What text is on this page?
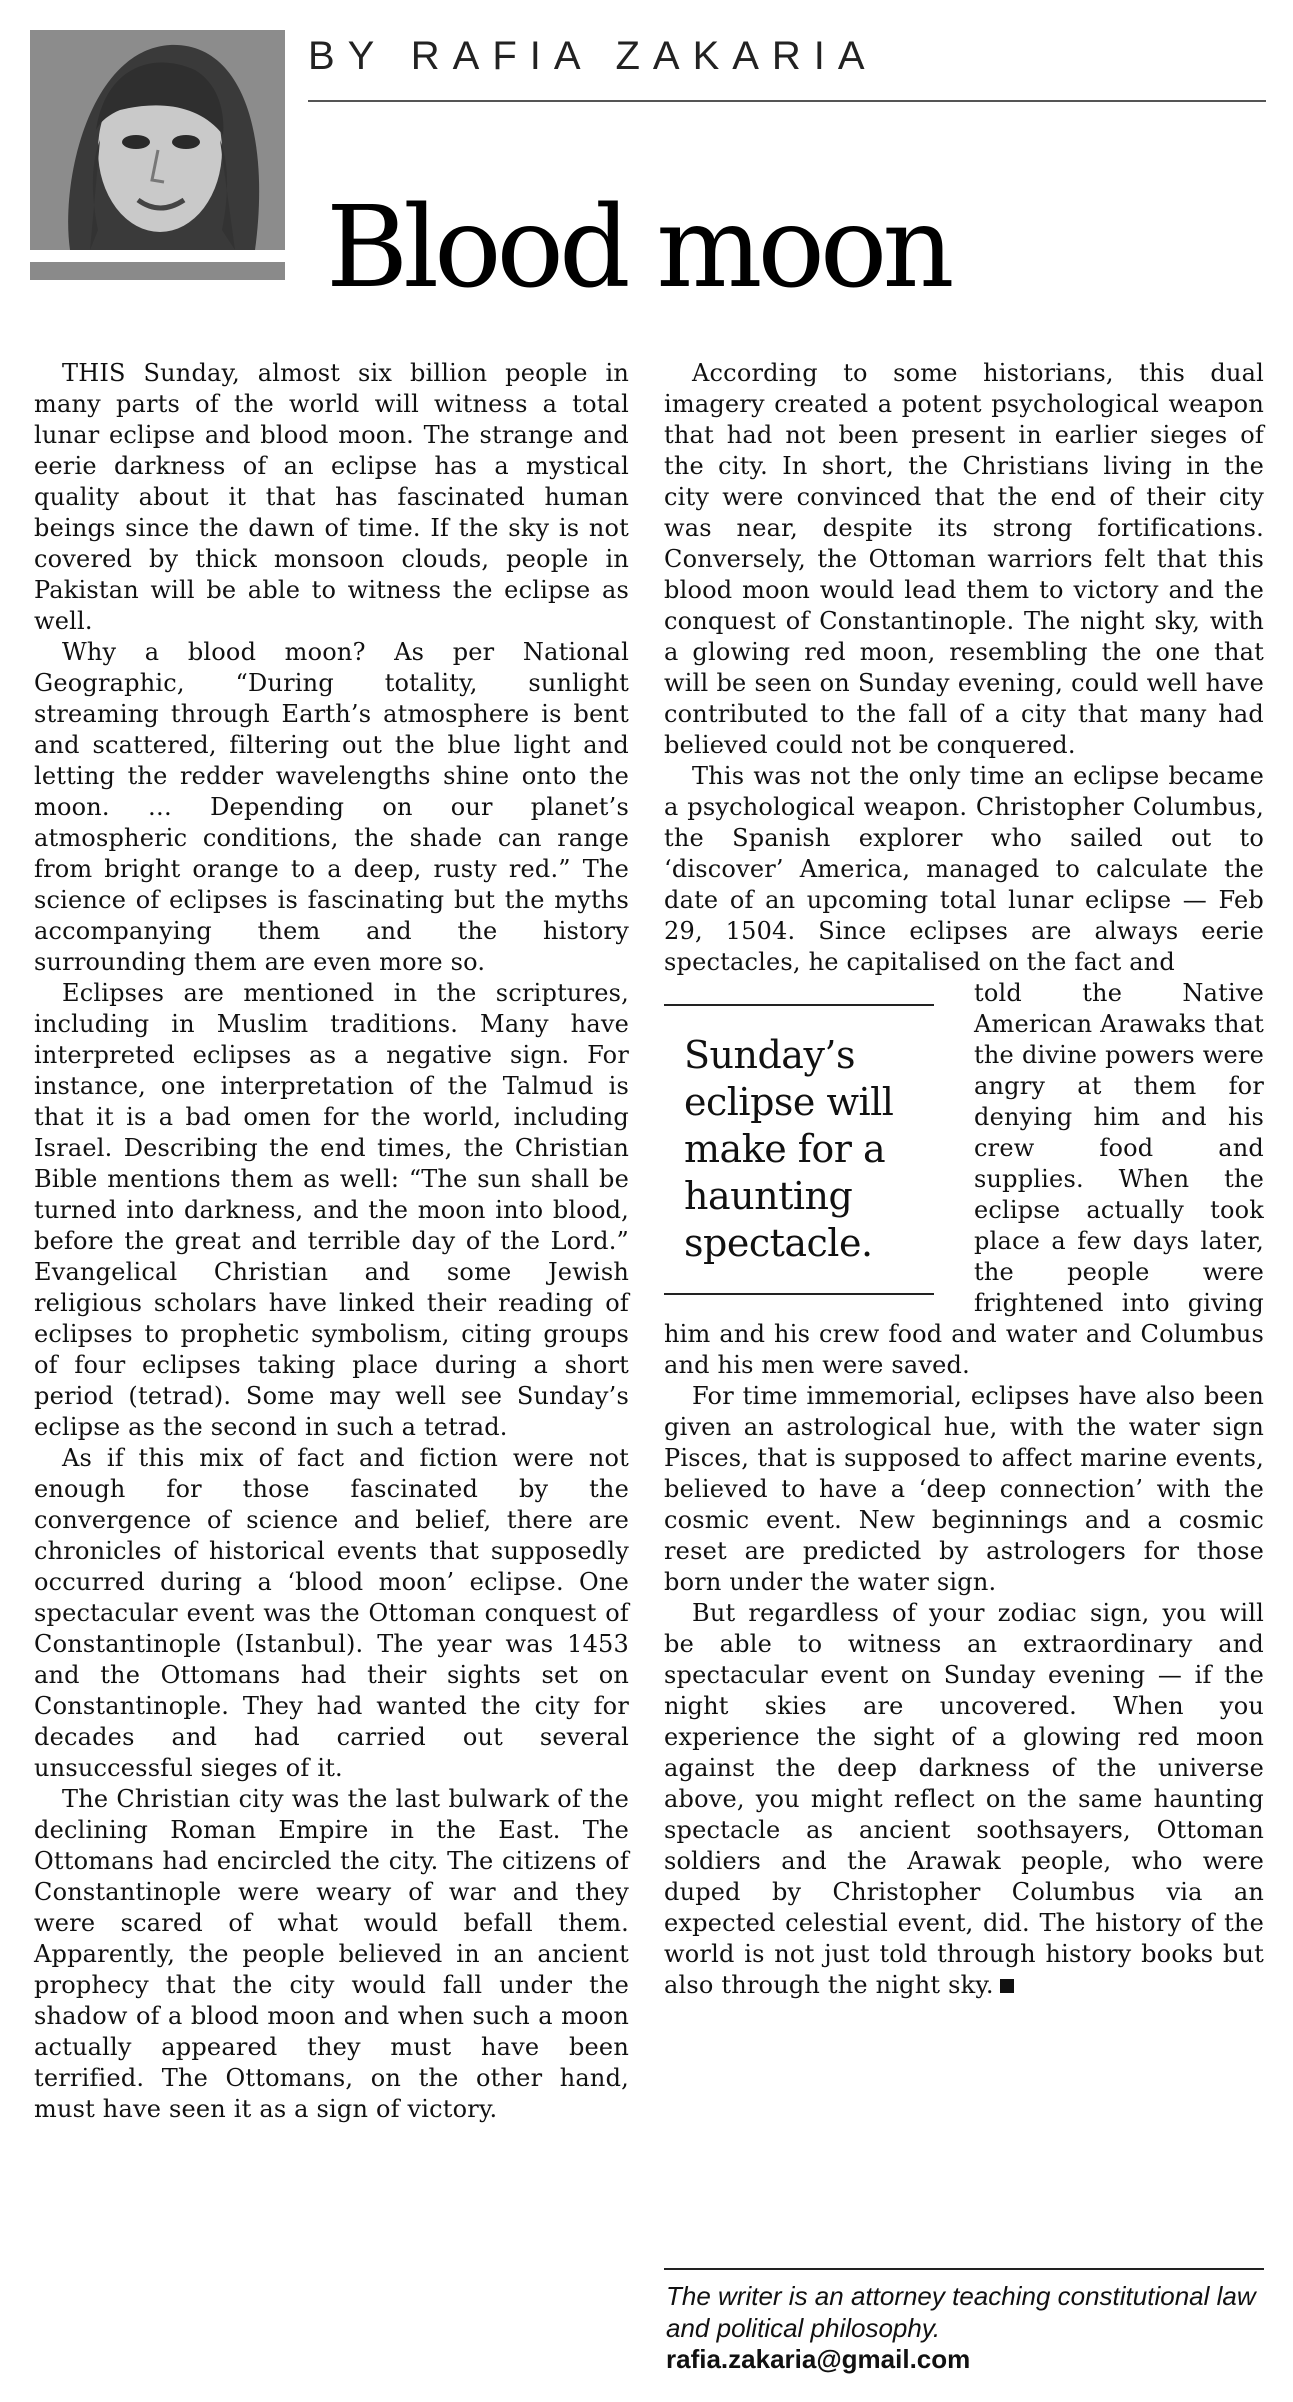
BY RAFIA ZAKARIA
Blood moon

THIS Sunday, almost six billion people in many parts of the world will witness a total lunar eclipse and blood moon. The strange and eerie darkness of an eclipse has a mystical quality about it that has fascinated human beings since the dawn of time. If the sky is not covered by thick monsoon clouds, people in Pakistan will be able to witness the eclipse as well.

Why a blood moon? As per National Geographic, “During totality, sunlight streaming through Earth’s atmosphere is bent and scattered, filtering out the blue light and letting the redder wavelengths shine onto the moon. … Depending on our planet’s atmospheric conditions, the shade can range from bright orange to a deep, rusty red.” The science of eclipses is fascinating but the myths accompanying them and the history surrounding them are even more so.

Eclipses are mentioned in the scriptures, including in Muslim traditions. Many have interpreted eclipses as a negative sign. For instance, one interpretation of the Talmud is that it is a bad omen for the world, including Israel. Describing the end times, the Christian Bible mentions them as well: “The sun shall be turned into darkness, and the moon into blood, before the great and terrible day of the Lord.” Evangelical Christian and some Jewish religious scholars have linked their reading of eclipses to prophetic symbolism, citing groups of four eclipses taking place during a short period (tetrad). Some may well see Sunday’s eclipse as the second in such a tetrad.

As if this mix of fact and fiction were not enough for those fascinated by the convergence of science and belief, there are chronicles of historical events that supposedly occurred during a ‘blood moon’ eclipse. One spectacular event was the Ottoman conquest of Constantinople (Istanbul). The year was 1453 and the Ottomans had their sights set on Constantinople. They had wanted the city for decades and had carried out several unsuccessful sieges of it.

The Christian city was the last bulwark of the declining Roman Empire in the East. The Ottomans had encircled the city. The citizens of Constantinople were weary of war and they were scared of what would befall them. Apparently, the people believed in an ancient prophecy that the city would fall under the shadow of a blood moon and when such a moon actually appeared they must have been terrified. The Ottomans, on the other hand, must have seen it as a sign of victory.

According to some historians, this dual imagery created a potent psychological weapon that had not been present in earlier sieges of the city. In short, the Christians living in the city were convinced that the end of their city was near, despite its strong fortifications. Conversely, the Ottoman warriors felt that this blood moon would lead them to victory and the conquest of Constantinople. The night sky, with a glowing red moon, resembling the one that will be seen on Sunday evening, could well have contributed to the fall of a city that many had believed could not be conquered.

This was not the only time an eclipse became a psychological weapon. Christopher Columbus, the Spanish explorer who sailed out to ‘discover’ America, managed to calculate the date of an upcoming total lunar eclipse — Feb 29, 1504. Since eclipses are always eerie spectacles, he capitalised on the fact and

Sunday’s eclipse will make for a haunting spectacle.

told the Native American Arawaks that the divine powers were angry at them for denying him and his crew food and supplies. When the eclipse actually took place a few days later, the people were frightened into giving him and his crew food and water and Columbus and his men were saved.

For time immemorial, eclipses have also been given an astrological hue, with the water sign Pisces, that is supposed to affect marine events, believed to have a ‘deep connection’ with the cosmic event. New beginnings and a cosmic reset are predicted by astrologers for those born under the water sign.

But regardless of your zodiac sign, you will be able to witness an extraordinary and spectacular event on Sunday evening — if the night skies are uncovered. When you experience the sight of a glowing red moon against the deep darkness of the universe above, you might reflect on the same haunting spectacle as ancient soothsayers, Ottoman soldiers and the Arawak people, who were duped by Christopher Columbus via an expected celestial event, did. The history of the world is not just told through history books but also through the night sky.

The writer is an attorney teaching constitutional law and political philosophy.
rafia.zakaria@gmail.com
